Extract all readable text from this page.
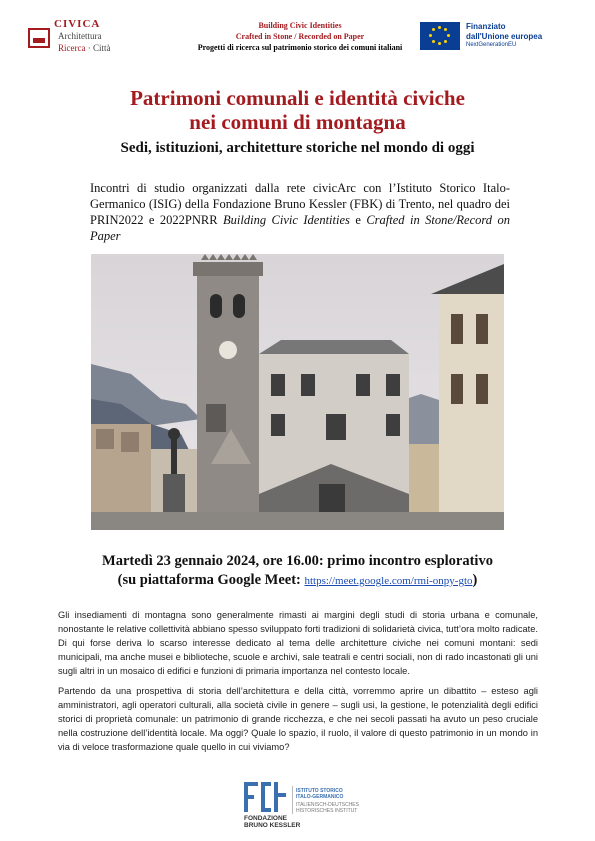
CIVICA
Architettura
Ricerca · Città
Building Civic Identities
Crafted in Stone / Recorded on Paper
Progetti di ricerca sul patrimonio storico dei comuni italiani
Finanziato
dall'Unione europea
NextGenerationEU
Patrimoni comunali e identità civiche
nei comuni di montagna
Sedi, istituzioni, architetture storiche nel mondo di oggi
Incontri di studio organizzati dalla rete civicArc con l’Istituto Storico Italo-Germanico (ISIG) della Fondazione Bruno Kessler (FBK) di Trento, nel quadro dei PRIN2022 e 2022PNRR Building Civic Identities e Crafted in Stone/Record on Paper
Martedì 23 gennaio 2024, ore 16.00: primo incontro esplorativo
(su piattaforma Google Meet: https://meet.google.com/rmi-onpy-gto)

Gli insediamenti di montagna sono generalmente rimasti ai margini degli studi di storia urbana e comunale, nonostante le relative collettività abbiano spesso sviluppato forti tradizioni di solidarietà civica, tutt’ora molto radicate. Di qui forse deriva lo scarso interesse dedicato al tema delle architetture civiche nei comuni montani: sedi municipali, ma anche musei e biblioteche, scuole e archivi, sale teatrali e centri sociali, non di rado incastonati gli uni sugli altri in un mosaico di edifici e funzioni di primaria importanza nel contesto locale.

Partendo da una prospettiva di storia dell’architettura e della città, vorremmo aprire un dibattito – esteso agli amministratori, agli operatori culturali, alla società civile in genere – sugli usi, la gestione, le potenzialità degli edifici storici di proprietà comunale: un patrimonio di grande ricchezza, e che nei secoli passati ha avuto un peso cruciale nella costruzione dell’identità locale. Ma oggi? Quale lo spazio, il ruolo, il valore di questo patrimonio in un mondo in via di veloce trasformazione quale quello in cui viviamo?

FONDAZIONE
BRUNO KESSLER
ISTITUTO STORICO
ITALO-GERMANICO
ITALIENISCH-DEUTSCHES
HISTORISCHES INSTITUT
